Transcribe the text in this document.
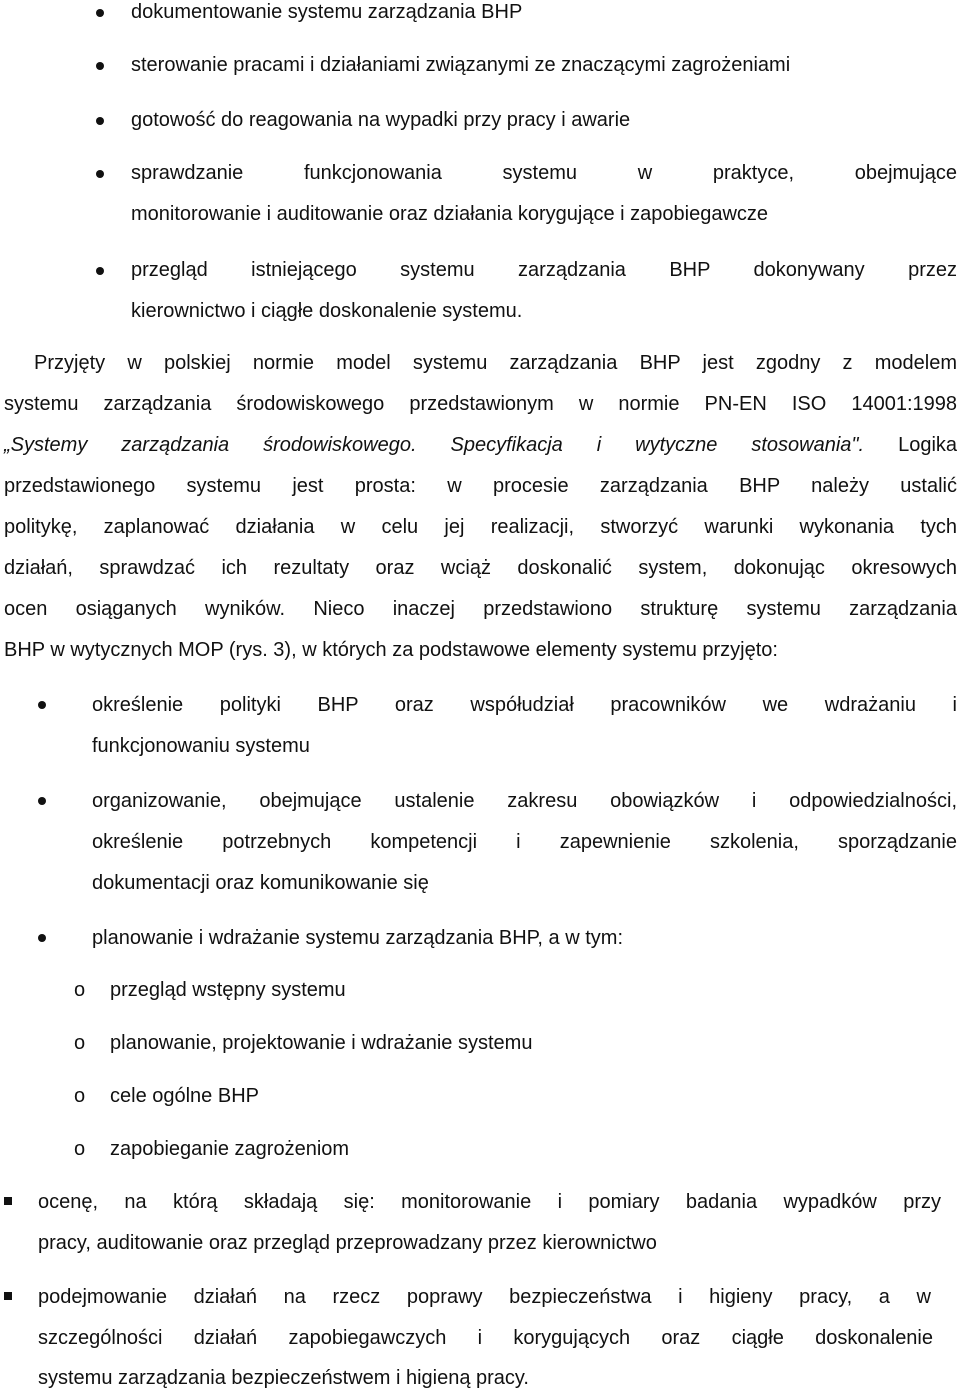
dokumentowanie systemu zarządzania BHP
sterowanie pracami i działaniami związanymi ze znaczącymi zagrożeniami
gotowość do reagowania na wypadki przy pracy i awarie
sprawdzanie funkcjonowania systemu w praktyce, obejmujące
monitorowanie i auditowanie oraz działania korygujące i zapobiegawcze
przegląd istniejącego systemu zarządzania BHP dokonywany przez
kierownictwo i ciągłe doskonalenie systemu.
Przyjęty w polskiej normie model systemu zarządzania BHP jest zgodny z modelem
systemu zarządzania środowiskowego przedstawionym w normie PN-EN ISO 14001:1998
„Systemy zarządzania środowiskowego. Specyfikacja i wytyczne stosowania". Logika
przedstawionego systemu jest prosta: w procesie zarządzania BHP należy ustalić
politykę, zaplanować działania w celu jej realizacji, stworzyć warunki wykonania tych
działań, sprawdzać ich rezultaty oraz wciąż doskonalić system, dokonując okresowych
ocen osiąganych wyników. Nieco inaczej przedstawiono strukturę systemu zarządzania
BHP w wytycznych MOP (rys. 3), w których za podstawowe elementy systemu przyjęto:
określenie polityki BHP oraz współudział pracowników we wdrażaniu i
funkcjonowaniu systemu
organizowanie, obejmujące ustalenie zakresu obowiązków i odpowiedzialności,
określenie potrzebnych kompetencji i zapewnienie szkolenia, sporządzanie
dokumentacji oraz komunikowanie się
planowanie i wdrażanie systemu zarządzania BHP, a w tym:
o przegląd wstępny systemu
o planowanie, projektowanie i wdrażanie systemu
o cele ogólne BHP
o zapobieganie zagrożeniom
ocenę, na którą składają się: monitorowanie i pomiary badania wypadków przy
pracy, auditowanie oraz przegląd przeprowadzany przez kierownictwo
podejmowanie działań na rzecz poprawy bezpieczeństwa i higieny pracy, a w
szczególności działań zapobiegawczych i korygujących oraz ciągłe doskonalenie
systemu zarządzania bezpieczeństwem i higieną pracy.
